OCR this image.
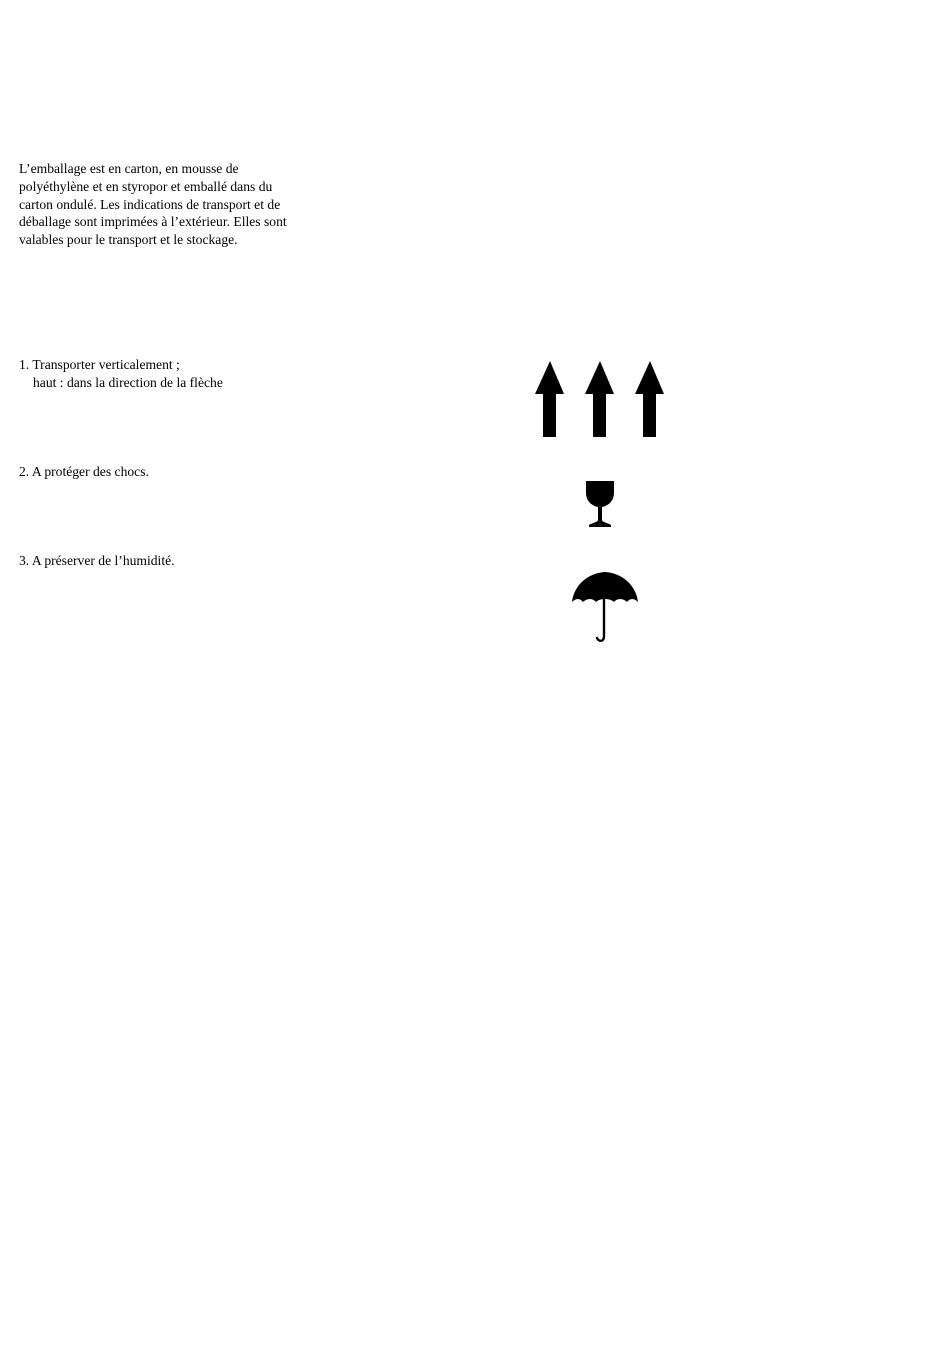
L’emballage est en carton, en mousse de polyéthylène et en styropor et emballé dans du carton ondulé. Les indications de transport et de déballage sont imprimées à l’extérieur. Elles sont valables pour le transport et le stockage.

1. Transporter verticalement ;
haut : dans la direction de la flèche
2. A protéger des chocs.
3. A préserver de l’humidité.
